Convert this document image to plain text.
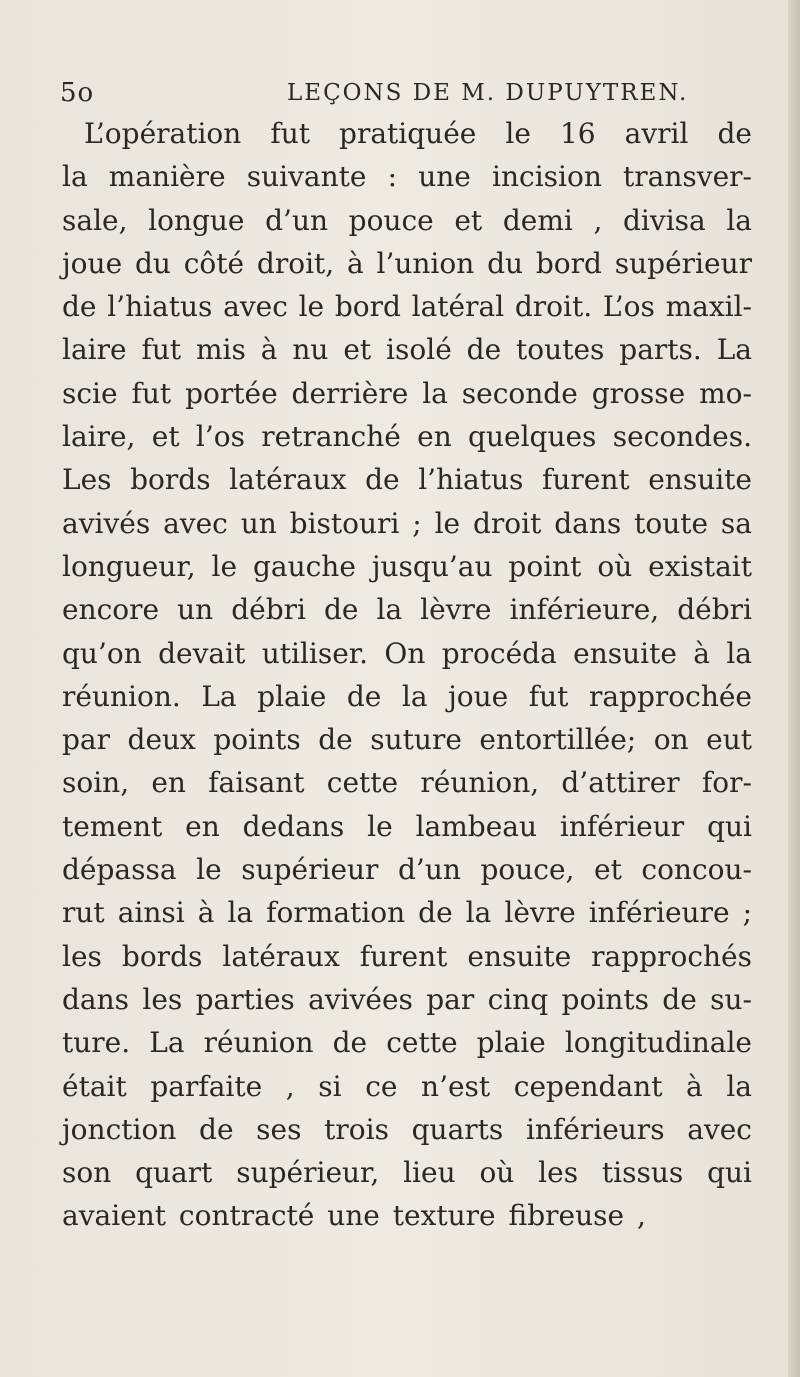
5o	LEÇONS DE M. DUPUYTREN.
L’opération fut pratiquée le 16 avril de
la manière suivante : une incision transver-
sale, longue d’un pouce et demi , divisa la
joue du côté droit, à l’union du bord supérieur
de l’hiatus avec le bord latéral droit. L’os maxil-
laire fut mis à nu et isolé de toutes parts. La
scie fut portée derrière la seconde grosse mo-
laire, et l’os retranché en quelques secondes.
Les bords latéraux de l’hiatus furent ensuite
avivés avec un bistouri ; le droit dans toute sa
longueur, le gauche jusqu’au point où existait
encore un débri de la lèvre inférieure, débri
qu’on devait utiliser. On procéda ensuite à la
réunion. La plaie de la joue fut rapprochée
par deux points de suture entortillée; on eut
soin, en faisant cette réunion, d’attirer for-
tement en dedans le lambeau inférieur qui
dépassa le supérieur d’un pouce, et concou-
rut ainsi à la formation de la lèvre inférieure ;
les bords latéraux furent ensuite rapprochés
dans les parties avivées par cinq points de su-
ture. La réunion de cette plaie longitudinale
était parfaite , si ce n’est cependant à la
jonction de ses trois quarts inférieurs avec
son quart supérieur, lieu où les tissus qui
avaient contracté une texture fibreuse ,
